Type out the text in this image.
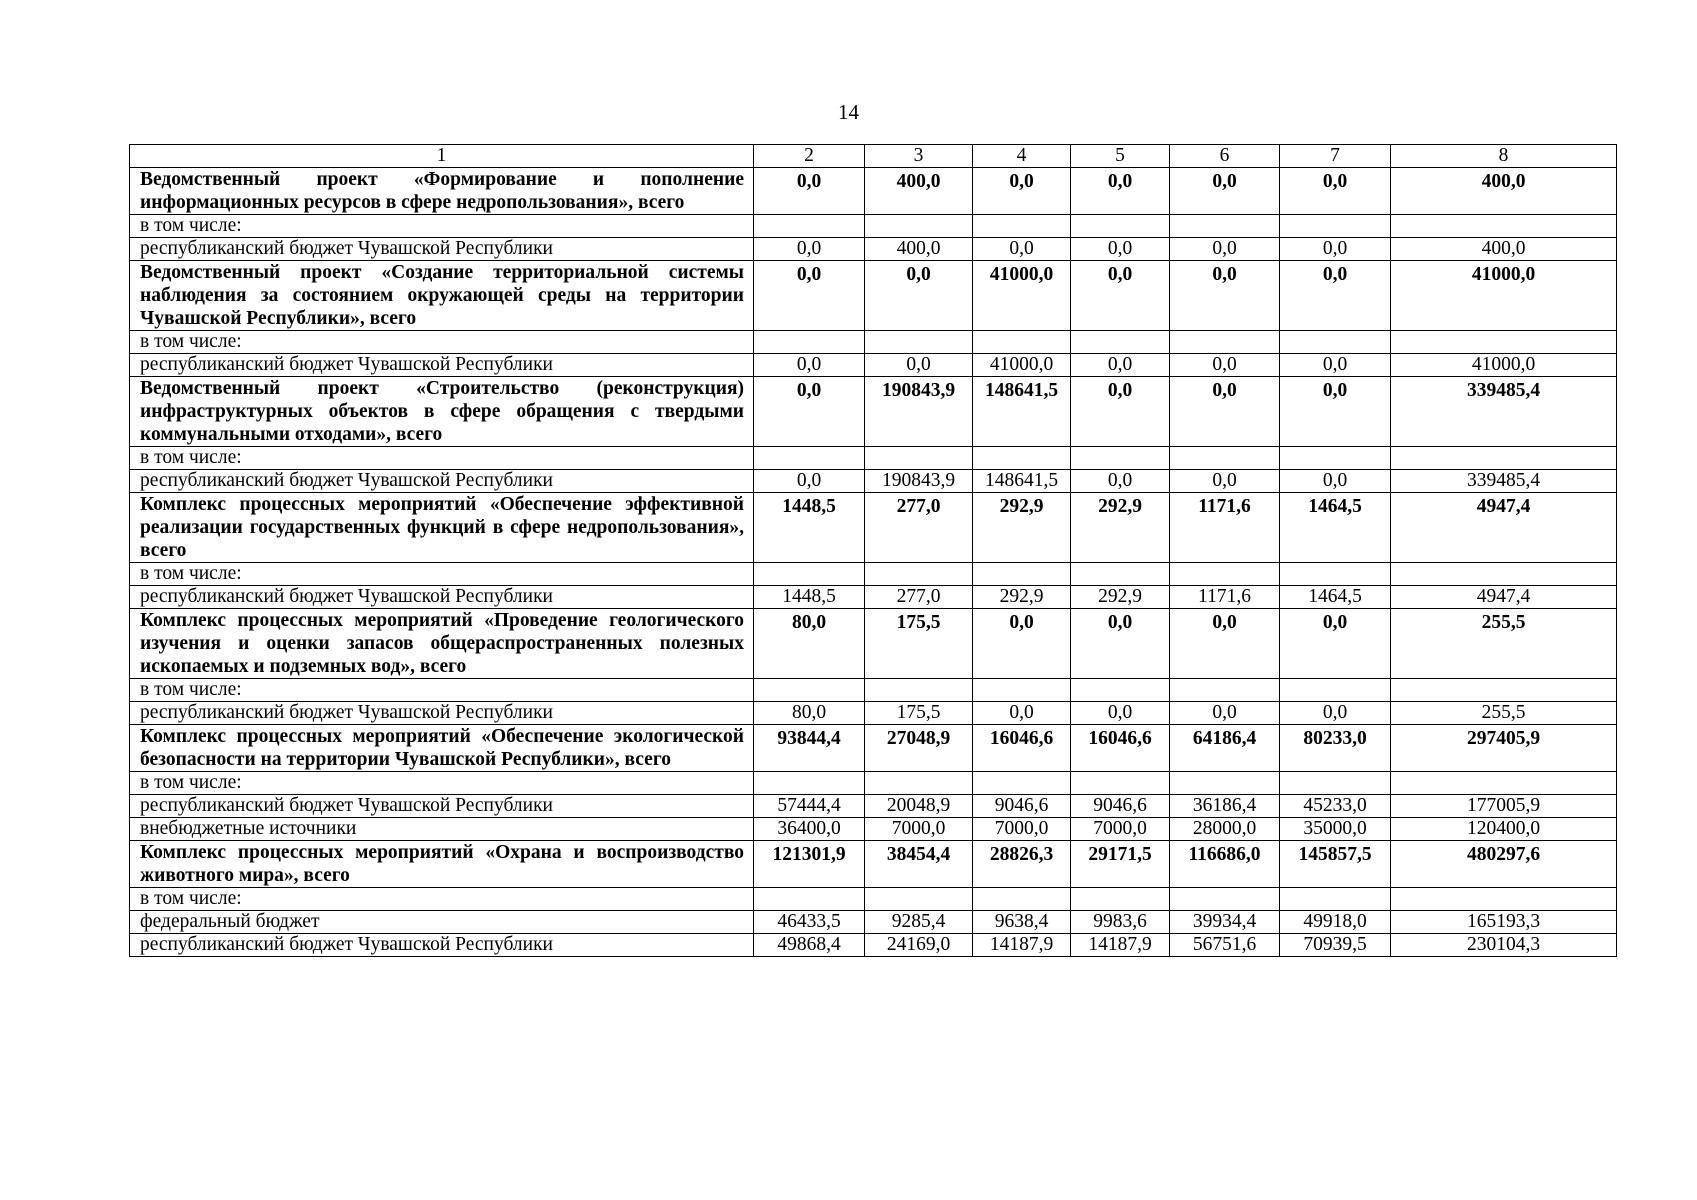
14
1	2	3	4	5	6	7	8
Ведомственный проект «Формирование и пополнение информационных ресурсов в сфере недропользования», всего	0,0	400,0	0,0	0,0	0,0	0,0	400,0
в том числе:							
республиканский бюджет Чувашской Республики	0,0	400,0	0,0	0,0	0,0	0,0	400,0
Ведомственный проект «Создание территориальной системы наблюдения за состоянием окружающей среды на территории Чувашской Республики», всего	0,0	0,0	41000,0	0,0	0,0	0,0	41000,0
в том числе:							
республиканский бюджет Чувашской Республики	0,0	0,0	41000,0	0,0	0,0	0,0	41000,0
Ведомственный проект «Строительство (реконструкция) инфраструктурных объектов в сфере обращения с твердыми коммунальными отходами», всего	0,0	190843,9	148641,5	0,0	0,0	0,0	339485,4
в том числе:							
республиканский бюджет Чувашской Республики	0,0	190843,9	148641,5	0,0	0,0	0,0	339485,4
Комплекс процессных мероприятий «Обеспечение эффективной реализации государственных функций в сфере недропользования», всего	1448,5	277,0	292,9	292,9	1171,6	1464,5	4947,4
в том числе:							
республиканский бюджет Чувашской Республики	1448,5	277,0	292,9	292,9	1171,6	1464,5	4947,4
Комплекс процессных мероприятий «Проведение геологического изучения и оценки запасов общераспространенных полезных ископаемых и подземных вод», всего	80,0	175,5	0,0	0,0	0,0	0,0	255,5
в том числе:							
республиканский бюджет Чувашской Республики	80,0	175,5	0,0	0,0	0,0	0,0	255,5
Комплекс процессных мероприятий «Обеспечение экологической безопасности на территории Чувашской Республики», всего	93844,4	27048,9	16046,6	16046,6	64186,4	80233,0	297405,9
в том числе:							
республиканский бюджет Чувашской Республики	57444,4	20048,9	9046,6	9046,6	36186,4	45233,0	177005,9
внебюджетные источники	36400,0	7000,0	7000,0	7000,0	28000,0	35000,0	120400,0
Комплекс процессных мероприятий «Охрана и воспроизводство животного мира», всего	121301,9	38454,4	28826,3	29171,5	116686,0	145857,5	480297,6
в том числе:							
федеральный бюджет	46433,5	9285,4	9638,4	9983,6	39934,4	49918,0	165193,3
республиканский бюджет Чувашской Республики	49868,4	24169,0	14187,9	14187,9	56751,6	70939,5	230104,3
